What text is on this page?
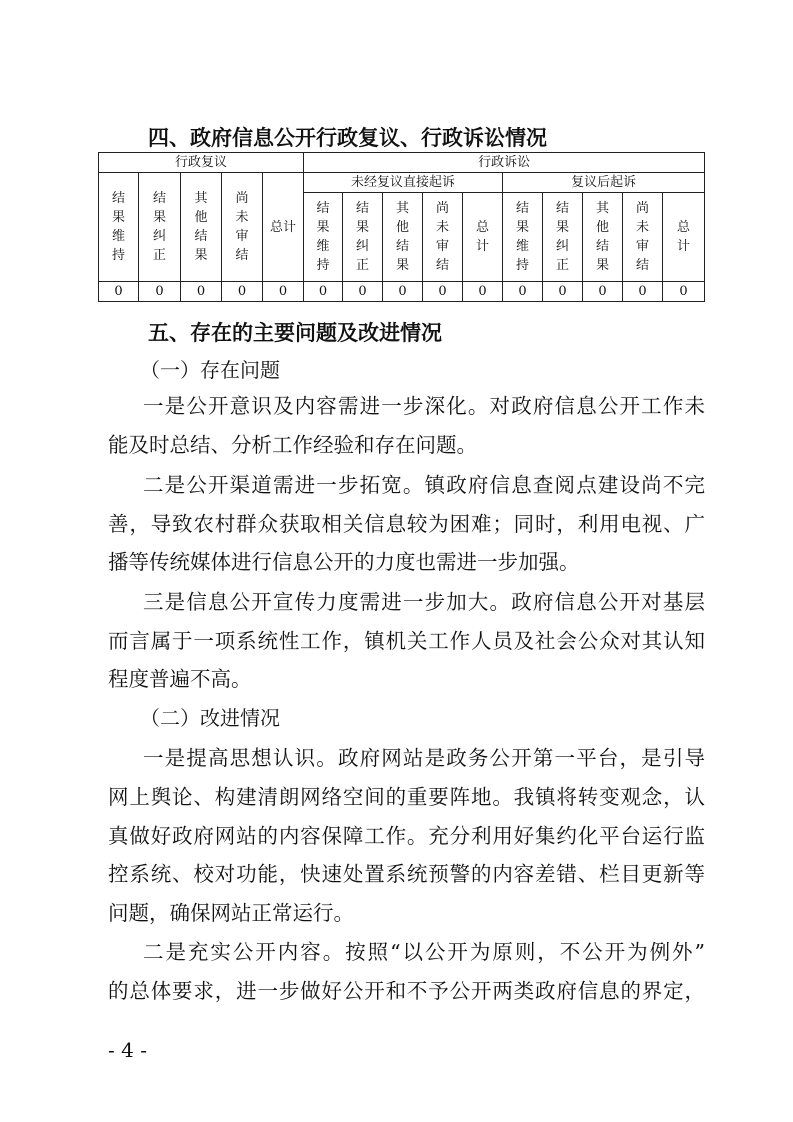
四、政府信息公开行政复议、行政诉讼情况
行政复议					行政诉讼									
结果维持	结果纠正	其他结果	尚未审结	总计	未经复议直接起诉					复议后起诉				
					结果维持	结果纠正	其他结果	尚未审结	总计	结果维持	结果纠正	其他结果	尚未审结	总计
0	0	0	0	0	0	0	0	0	0	0	0	0	0	0
五、存在的主要问题及改进情况
（一）存在问题
一是公开意识及内容需进一步深化。对政府信息公开工作未
能及时总结、分析工作经验和存在问题。
二是公开渠道需进一步拓宽。镇政府信息查阅点建设尚不完
善，导致农村群众获取相关信息较为困难；同时，利用电视、广
播等传统媒体进行信息公开的力度也需进一步加强。
三是信息公开宣传力度需进一步加大。政府信息公开对基层
而言属于一项系统性工作，镇机关工作人员及社会公众对其认知
程度普遍不高。
（二）改进情况
一是提高思想认识。政府网站是政务公开第一平台，是引导
网上舆论、构建清朗网络空间的重要阵地。我镇将转变观念，认
真做好政府网站的内容保障工作。充分利用好集约化平台运行监
控系统、校对功能，快速处置系统预警的内容差错、栏目更新等
问题，确保网站正常运行。
二是充实公开内容。按照“以公开为原则，不公开为例外”
的总体要求，进一步做好公开和不予公开两类政府信息的界定，
- 4 -
